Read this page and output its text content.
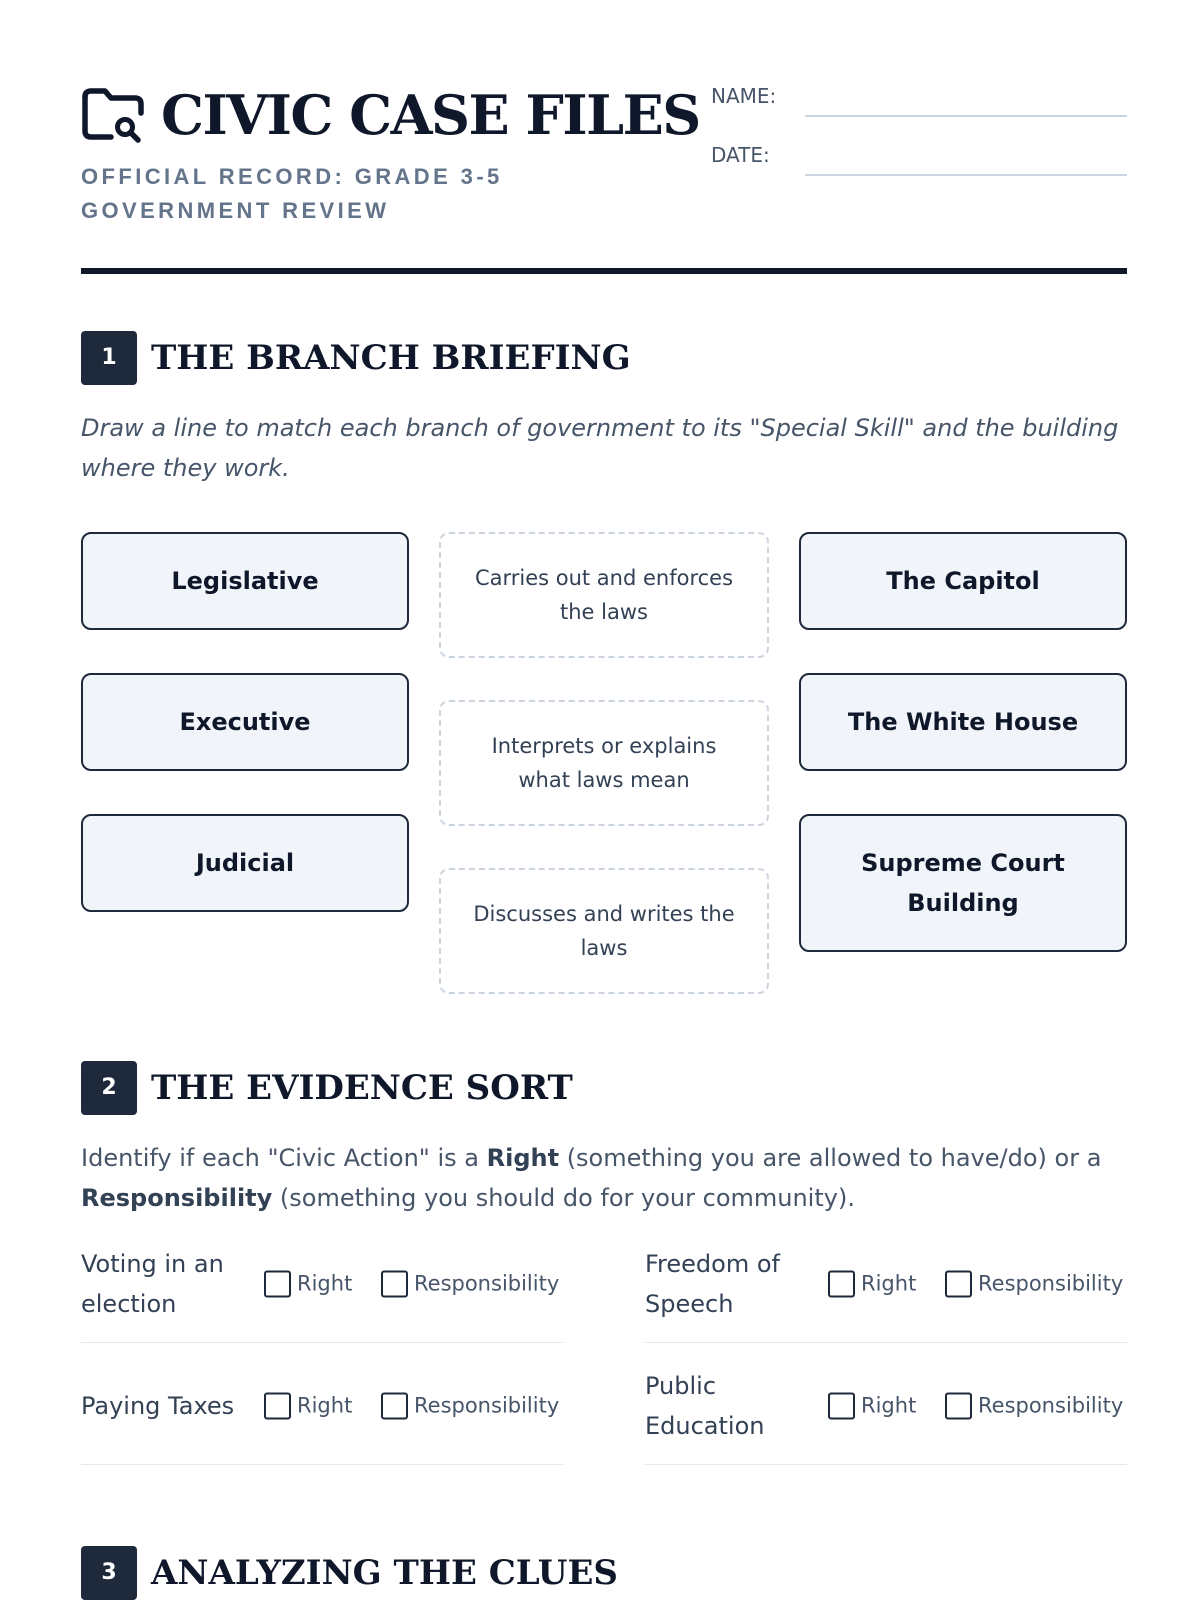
CIVIC CASE FILES
OFFICIAL RECORD: GRADE 3-5 GOVERNMENT REVIEW
NAME:
DATE:
1	THE BRANCH BRIEFING
Draw a line to match each branch of government to its "Special Skill" and the building where they work.
Legislative
Executive
Judicial
Carries out and enforces the laws
Interprets or explains what laws mean
Discusses and writes the laws
The Capitol
The White House
Supreme Court Building
2	THE EVIDENCE SORT
Identify if each "Civic Action" is a Right (something you are allowed to have/do) or a Responsibility (something you should do for your community).
Voting in an election
Right	Responsibility
Freedom of Speech
Right	Responsibility
Paying Taxes	Right	Responsibility
Public Education
Right	Responsibility
3	ANALYZING THE CLUES
